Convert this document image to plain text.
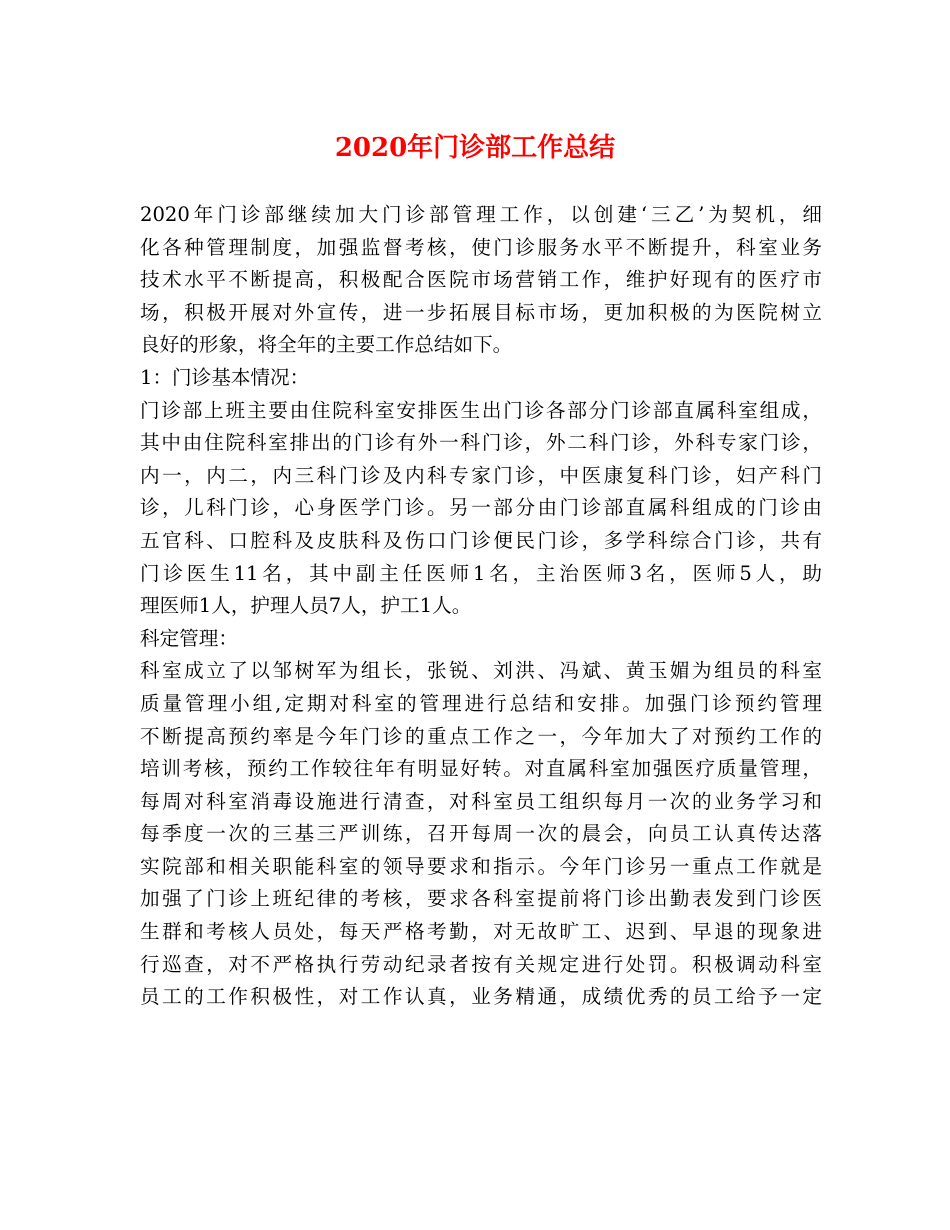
2020年门诊部工作总结
2020年门诊部继续加大门诊部管理工作，以创建‘三乙’为契机，细
化各种管理制度，加强监督考核，使门诊服务水平不断提升，科室业务
技术水平不断提高，积极配合医院市场营销工作，维护好现有的医疗市
场，积极开展对外宣传，进一步拓展目标市场，更加积极的为医院树立
良好的形象，将全年的主要工作总结如下。
1：门诊基本情况：
门诊部上班主要由住院科室安排医生出门诊各部分门诊部直属科室组成，
其中由住院科室排出的门诊有外一科门诊，外二科门诊，外科专家门诊，
内一，内二，内三科门诊及内科专家门诊，中医康复科门诊，妇产科门
诊，儿科门诊，心身医学门诊。另一部分由门诊部直属科组成的门诊由
五官科、口腔科及皮肤科及伤口门诊便民门诊，多学科综合门诊，共有
门诊医生11名，其中副主任医师1名，主治医师3名，医师5人，助
理医师1人，护理人员7人，护工1人。
科定管理：
科室成立了以邹树军为组长，张锐、刘洪、冯斌、黄玉媚为组员的科室
质量管理小组,定期对科室的管理进行总结和安排。加强门诊预约管理
不断提高预约率是今年门诊的重点工作之一，今年加大了对预约工作的
培训考核，预约工作较往年有明显好转。对直属科室加强医疗质量管理，
每周对科室消毒设施进行清查，对科室员工组织每月一次的业务学习和
每季度一次的三基三严训练，召开每周一次的晨会，向员工认真传达落
实院部和相关职能科室的领导要求和指示。今年门诊另一重点工作就是
加强了门诊上班纪律的考核，要求各科室提前将门诊出勤表发到门诊医
生群和考核人员处，每天严格考勤，对无故旷工、迟到、早退的现象进
行巡查，对不严格执行劳动纪录者按有关规定进行处罚。积极调动科室
员工的工作积极性，对工作认真，业务精通，成绩优秀的员工给予一定
